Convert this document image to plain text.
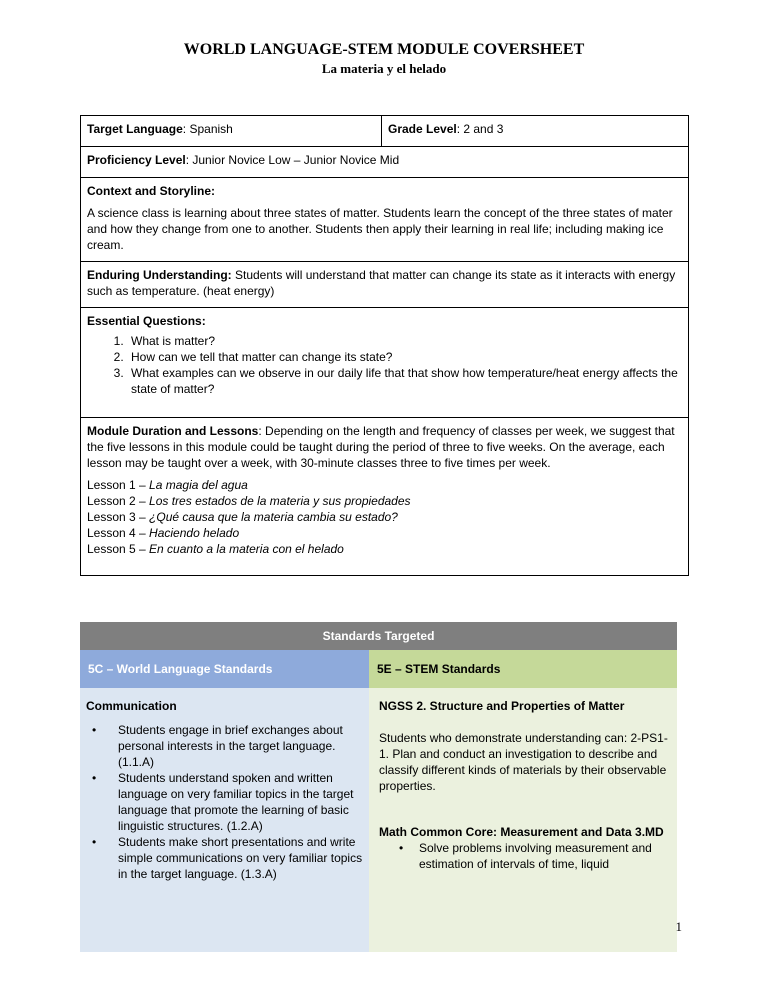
WORLD LANGUAGE-STEM MODULE COVERSHEET
La materia y el helado
Target Language: Spanish	Grade Level: 2 and 3
Proficiency Level: Junior Novice Low – Junior Novice Mid

Context and Storyline:

A science class is learning about three states of matter. Students learn the concept of the three states of mater and how they change from one to another. Students then apply their learning in real life; including making ice cream.

Enduring Understanding: Students will understand that matter can change its state as it interacts with energy such as temperature. (heat energy)

Essential Questions:

1. What is matter?
2. How can we tell that matter can change its state?
3. What examples can we observe in our daily life that that show how temperature/heat energy affects the state of matter?

Module Duration and Lessons: Depending on the length and frequency of classes per week, we suggest that the five lessons in this module could be taught during the period of three to five weeks. On the average, each lesson may be taught over a week, with 30-minute classes three to five times per week.

Lesson 1 – La magia del agua
Lesson 2 – Los tres estados de la materia y sus propiedades
Lesson 3 – ¿Qué causa que la materia cambia su estado?
Lesson 4 – Haciendo helado
Lesson 5 – En cuanto a la materia con el helado
Standards Targeted
5C – World Language Standards
Communication
• Students engage in brief exchanges about personal interests in the target language. (1.1.A)
• Students understand spoken and written language on very familiar topics in the target language that promote the learning of basic linguistic structures. (1.2.A)
• Students make short presentations and write simple communications on very familiar topics in the target language. (1.3.A)
5E – STEM Standards
NGSS 2. Structure and Properties of Matter

Students who demonstrate understanding can: 2-PS1-1. Plan and conduct an investigation to describe and classify different kinds of materials by their observable properties.

Math Common Core: Measurement and Data 3.MD

• Solve problems involving measurement and estimation of intervals of time, liquid
1
